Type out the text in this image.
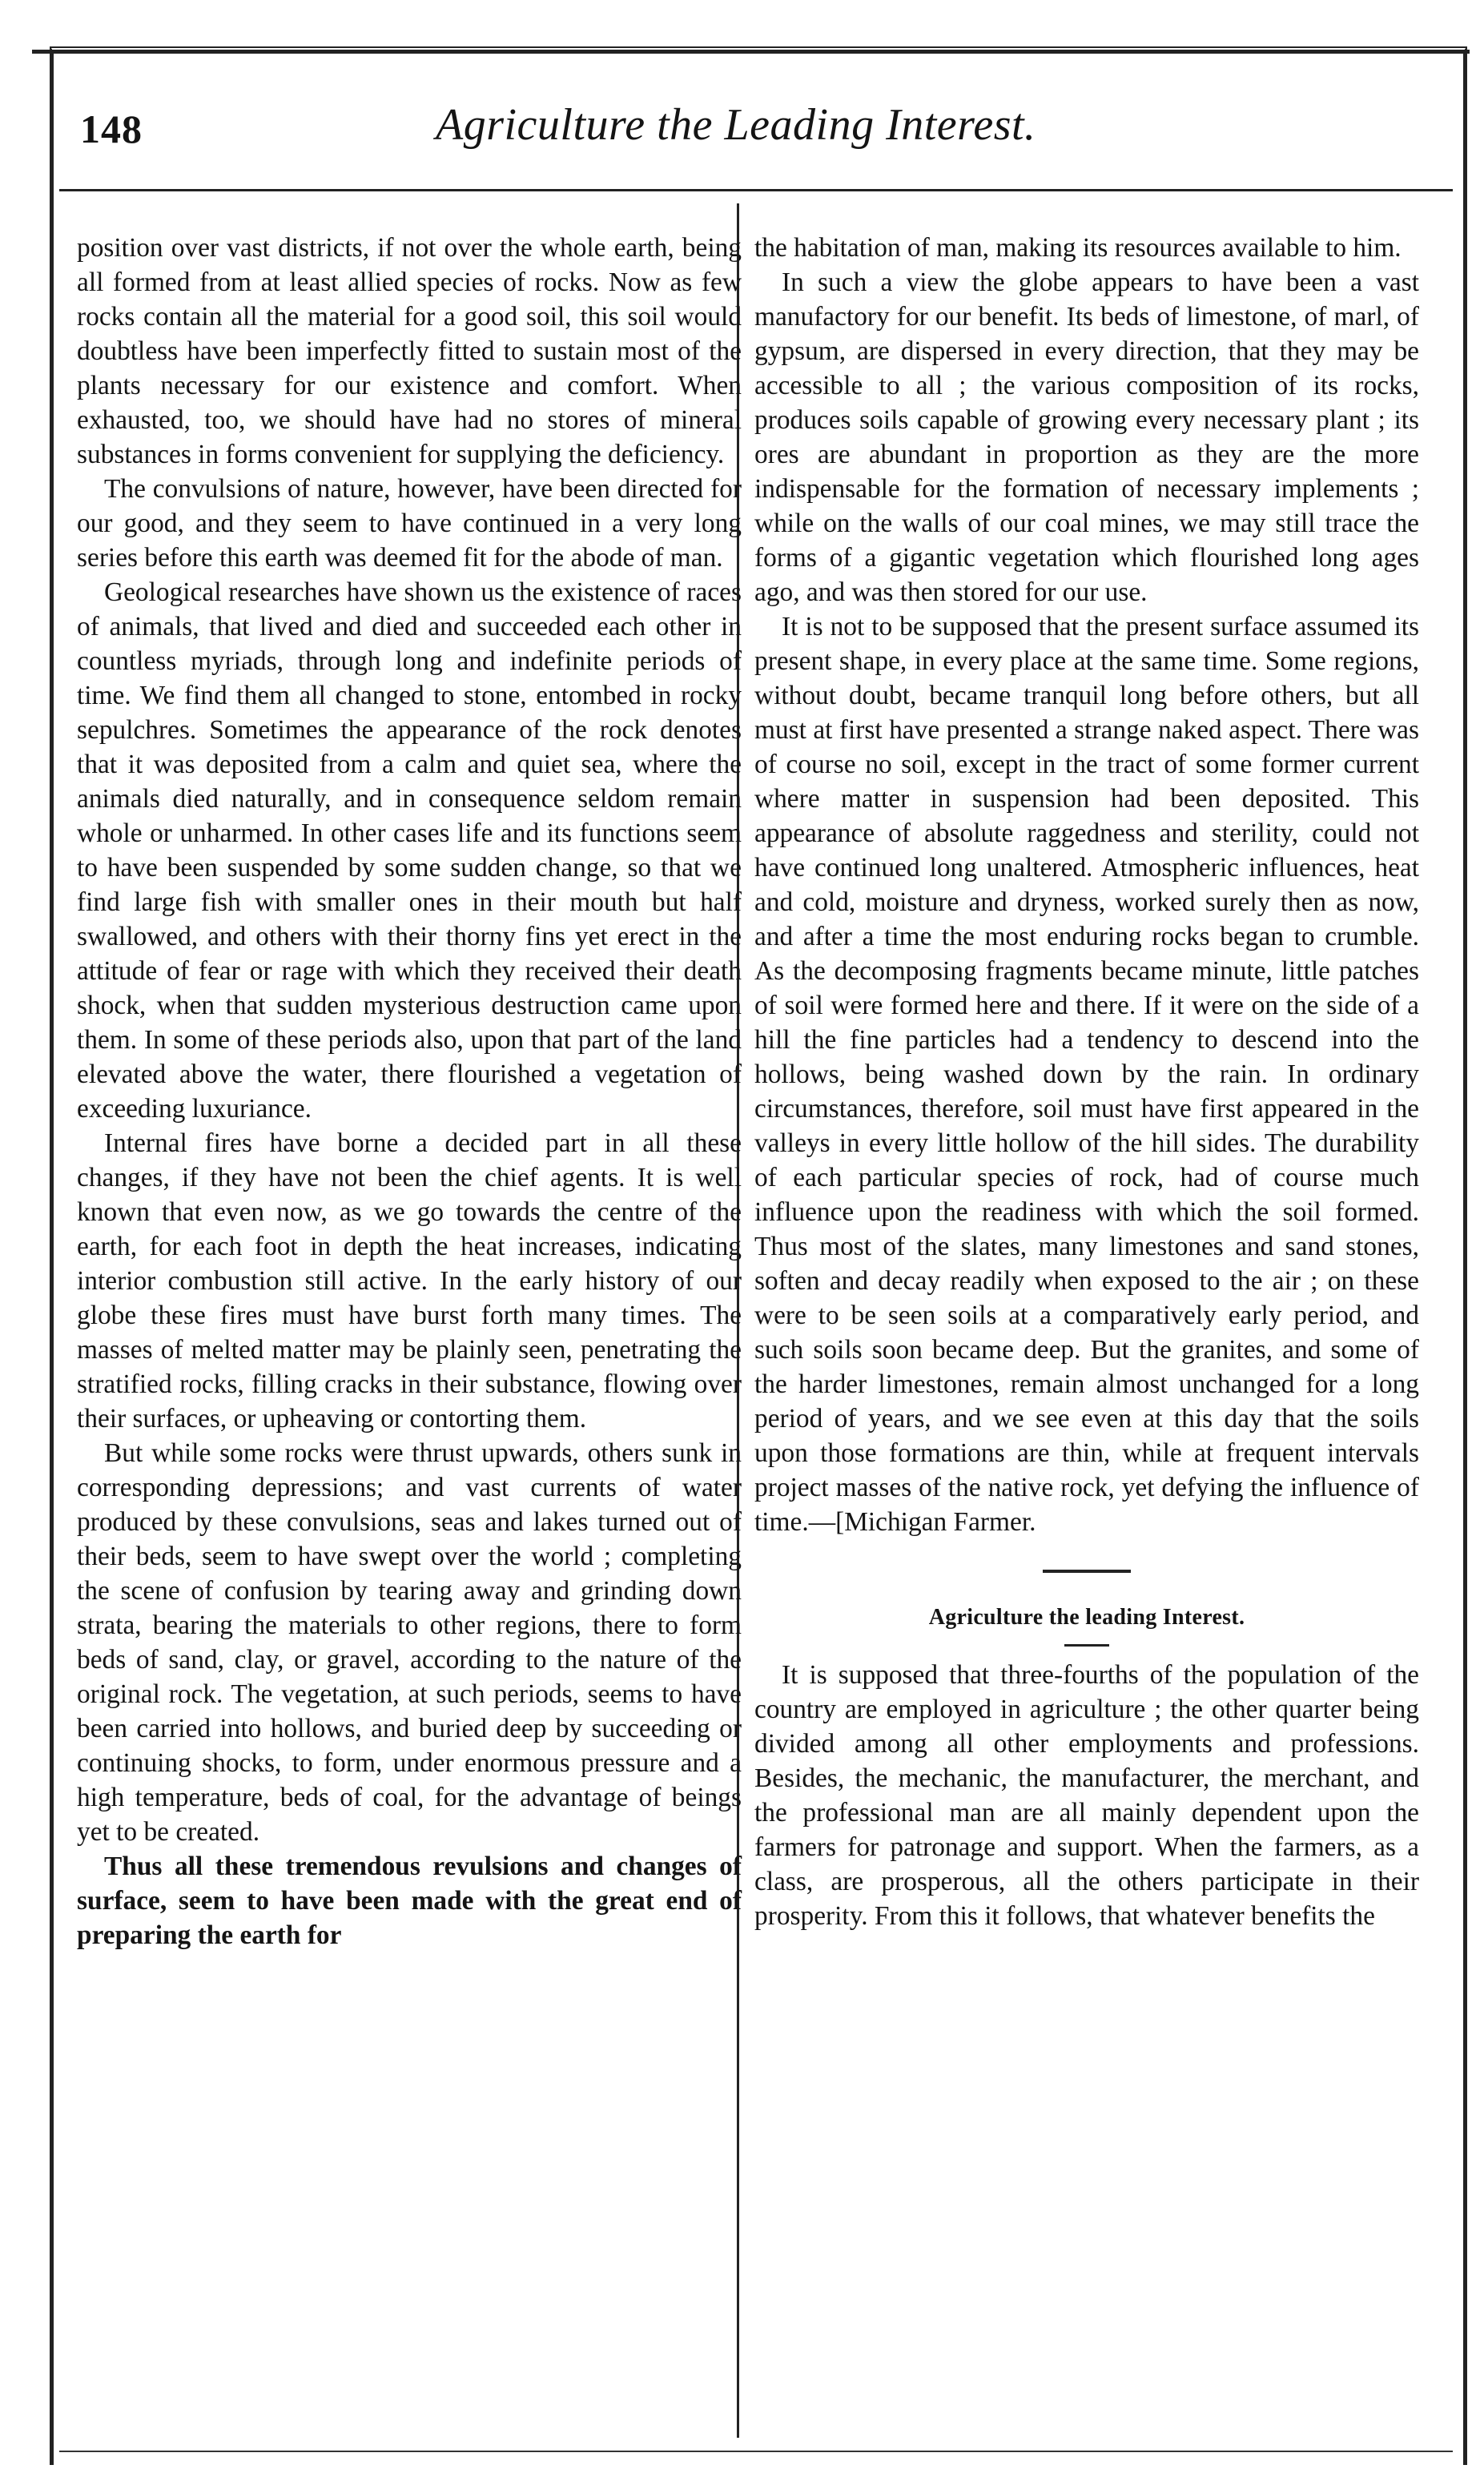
148	Agriculture the Leading Interest.

position over vast districts, if not over the whole earth, being all formed from at least allied species of rocks. Now as few rocks contain all the material for a good soil, this soil would doubtless have been imperfectly fitted to sustain most of the plants necessary for our existence and comfort. When exhausted, too, we should have had no stores of mineral substances in forms convenient for supplying the deficiency.

The convulsions of nature, however, have been directed for our good, and they seem to have continued in a very long series before this earth was deemed fit for the abode of man.

Geological researches have shown us the existence of races of animals, that lived and died and succeeded each other in countless myriads, through long and indefinite periods of time. We find them all changed to stone, entombed in rocky sepulchres. Sometimes the appearance of the rock denotes that it was deposited from a calm and quiet sea, where the animals died naturally, and in consequence seldom remain whole or unharmed. In other cases life and its functions seem to have been suspended by some sudden change, so that we find large fish with smaller ones in their mouth but half swallowed, and others with their thorny fins yet erect in the attitude of fear or rage with which they received their death shock, when that sudden mysterious destruction came upon them. In some of these periods also, upon that part of the land elevated above the water, there flourished a vegetation of exceeding luxuriance.

Internal fires have borne a decided part in all these changes, if they have not been the chief agents. It is well known that even now, as we go towards the centre of the earth, for each foot in depth the heat increases, indicating interior combustion still active. In the early history of our globe these fires must have burst forth many times. The masses of melted matter may be plainly seen, penetrating the stratified rocks, filling cracks in their substance, flowing over their surfaces, or upheaving or contorting them.

But while some rocks were thrust upwards, others sunk in corresponding depressions; and vast currents of water produced by these convulsions, seas and lakes turned out of their beds, seem to have swept over the world ; completing the scene of confusion by tearing away and grinding down strata, bearing the materials to other regions, there to form beds of sand, clay, or gravel, according to the nature of the original rock. The vegetation, at such periods, seems to have been carried into hollows, and buried deep by succeeding or continuing shocks, to form, under enormous pressure and a high temperature, beds of coal, for the advantage of beings yet to be created.

Thus all these tremendous revulsions and changes of surface, seem to have been made with the great end of preparing the earth for

the habitation of man, making its resources available to him.

In such a view the globe appears to have been a vast manufactory for our benefit. Its beds of limestone, of marl, of gypsum, are dispersed in every direction, that they may be accessible to all ; the various composition of its rocks, produces soils capable of growing every necessary plant ; its ores are abundant in proportion as they are the more indispensable for the formation of necessary implements ; while on the walls of our coal mines, we may still trace the forms of a gigantic vegetation which flourished long ages ago, and was then stored for our use.

It is not to be supposed that the present surface assumed its present shape, in every place at the same time. Some regions, without doubt, became tranquil long before others, but all must at first have presented a strange naked aspect. There was of course no soil, except in the tract of some former current where matter in suspension had been deposited. This appearance of absolute raggedness and sterility, could not have continued long unaltered. Atmospheric influences, heat and cold, moisture and dryness, worked surely then as now, and after a time the most enduring rocks began to crumble. As the decomposing fragments became minute, little patches of soil were formed here and there. If it were on the side of a hill the fine particles had a tendency to descend into the hollows, being washed down by the rain. In ordinary circumstances, therefore, soil must have first appeared in the valleys in every little hollow of the hill sides. The durability of each particular species of rock, had of course much influence upon the readiness with which the soil formed. Thus most of the slates, many limestones and sand stones, soften and decay readily when exposed to the air ; on these were to be seen soils at a comparatively early period, and such soils soon became deep. But the granites, and some of the harder limestones, remain almost unchanged for a long period of years, and we see even at this day that the soils upon those formations are thin, while at frequent intervals project masses of the native rock, yet defying the influence of time.—[Michigan Farmer.

Agriculture the leading Interest.

It is supposed that three-fourths of the population of the country are employed in agriculture ; the other quarter being divided among all other employments and professions. Besides, the mechanic, the manufacturer, the merchant, and the professional man are all mainly dependent upon the farmers for patronage and support. When the farmers, as a class, are prosperous, all the others participate in their prosperity. From this it follows, that whatever benefits the
